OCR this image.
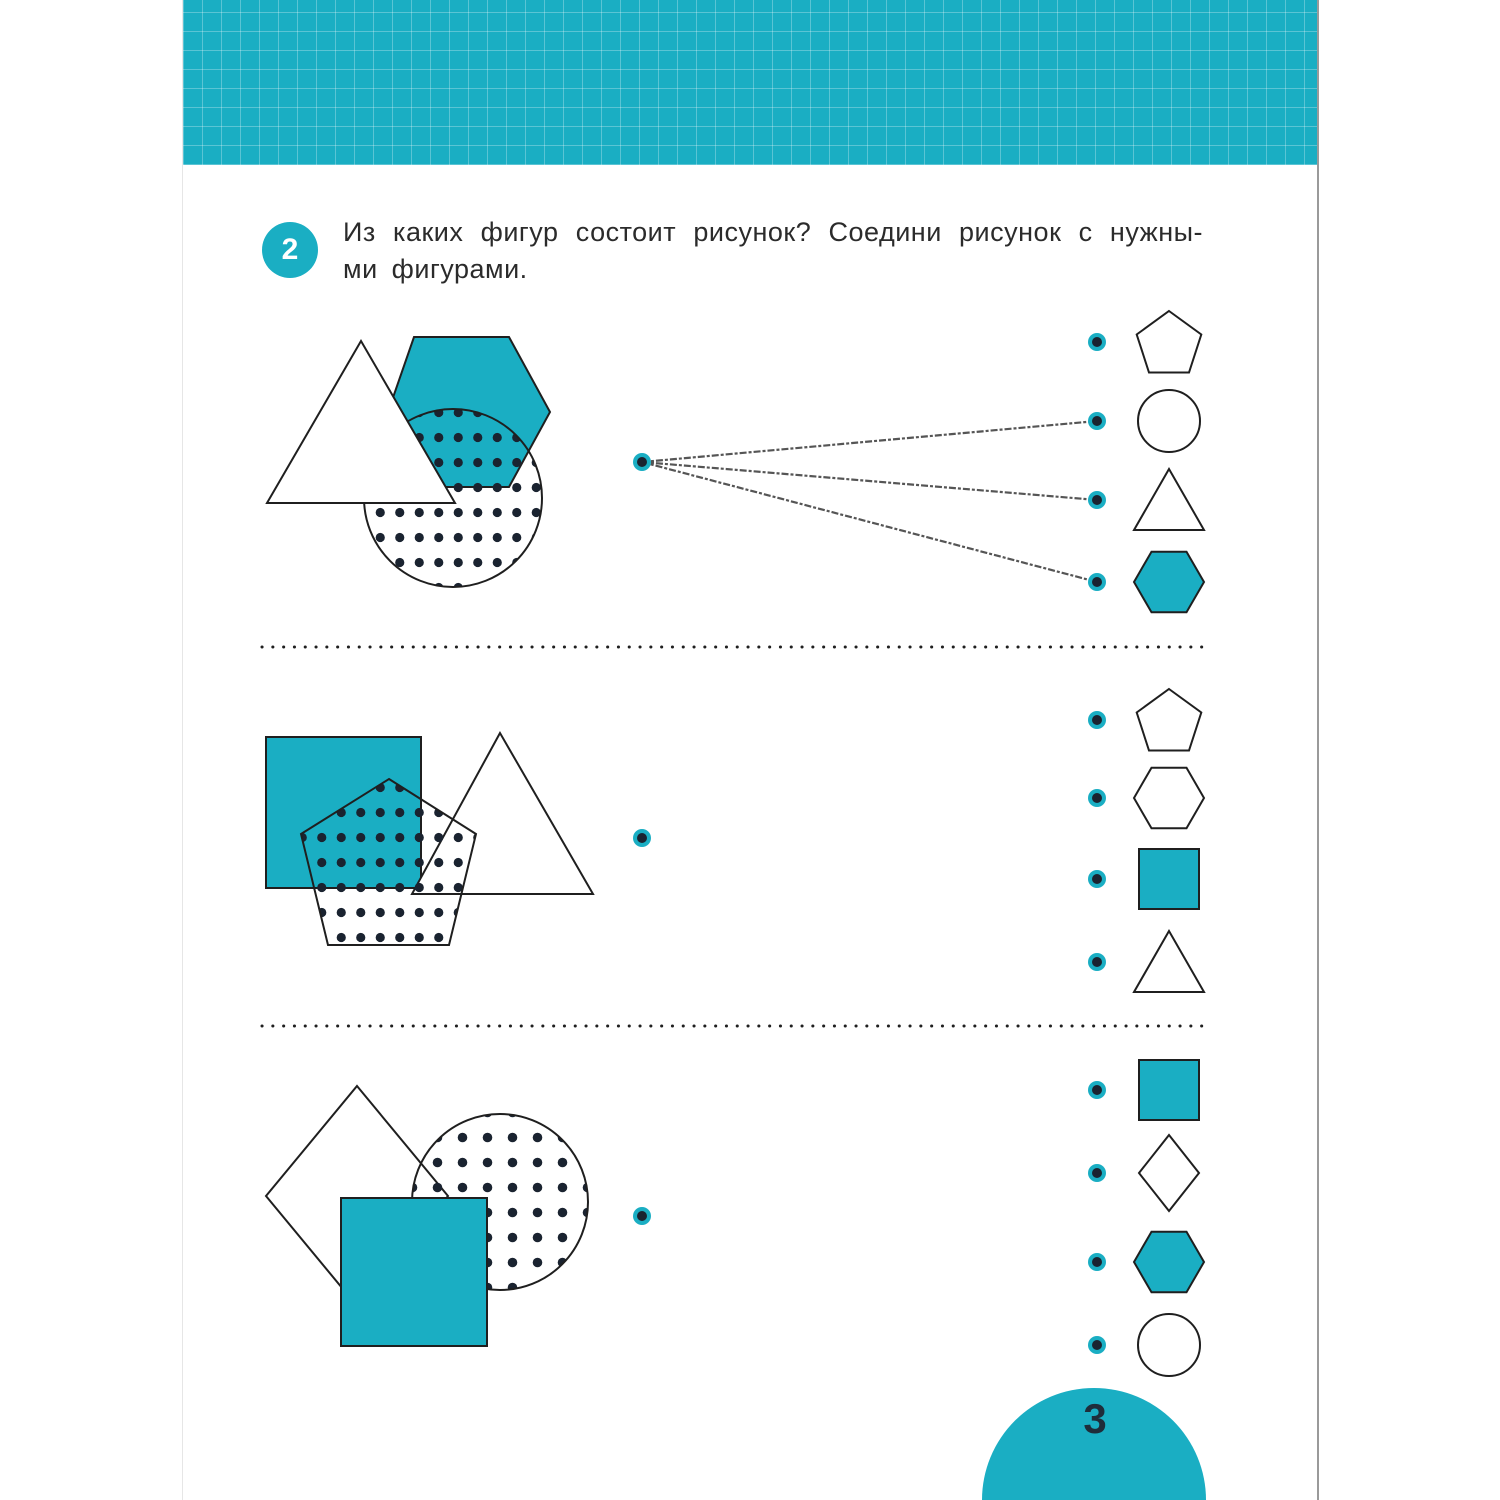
2
Из каких фигур состоит рисунок? Соедини рисунок с нужны-ми фигурами.
3
